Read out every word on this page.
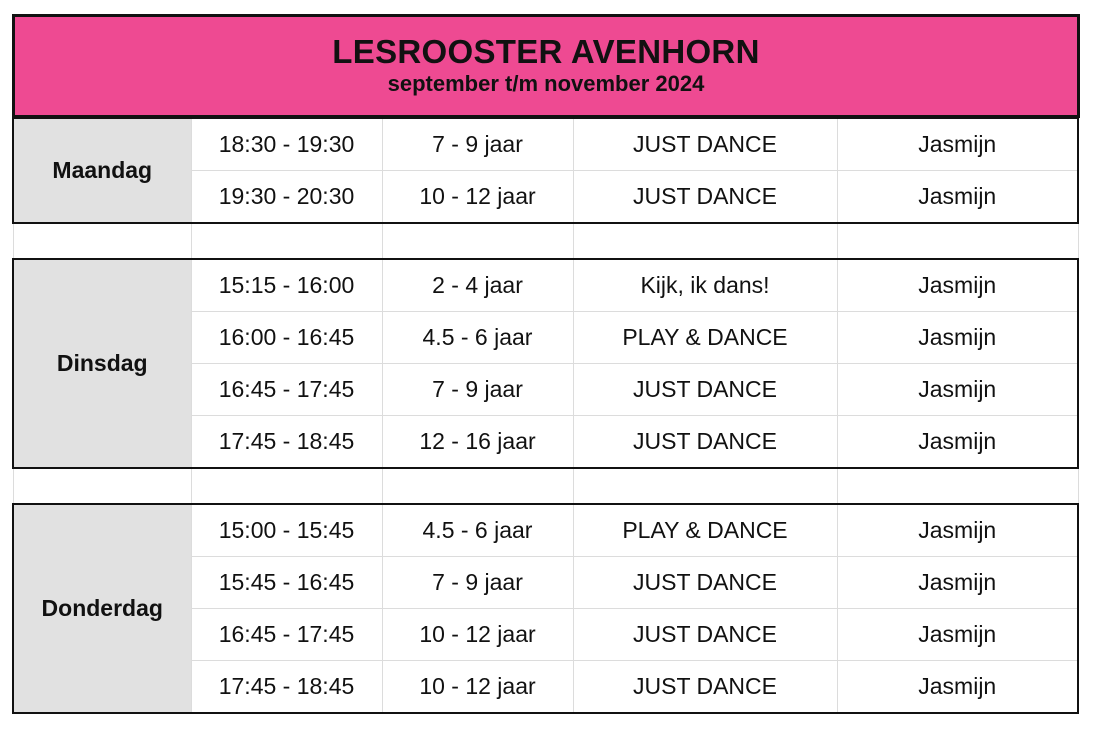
LESROOSTER AVENHORN
september t/m november 2024
Maandag	18:30 - 19:30	7 - 9 jaar	JUST DANCE	Jasmijn
	19:30 - 20:30	10 - 12 jaar	JUST DANCE	Jasmijn

Dinsdag	15:15 - 16:00	2 - 4 jaar	Kijk, ik dans!	Jasmijn
	16:00 - 16:45	4.5 - 6 jaar	PLAY & DANCE	Jasmijn
	16:45 - 17:45	7 - 9 jaar	JUST DANCE	Jasmijn
	17:45 - 18:45	12 - 16 jaar	JUST DANCE	Jasmijn

Donderdag	15:00 - 15:45	4.5 - 6 jaar	PLAY & DANCE	Jasmijn
	15:45 - 16:45	7 - 9 jaar	JUST DANCE	Jasmijn
	16:45 - 17:45	10 - 12 jaar	JUST DANCE	Jasmijn
	17:45 - 18:45	10 - 12 jaar	JUST DANCE	Jasmijn
